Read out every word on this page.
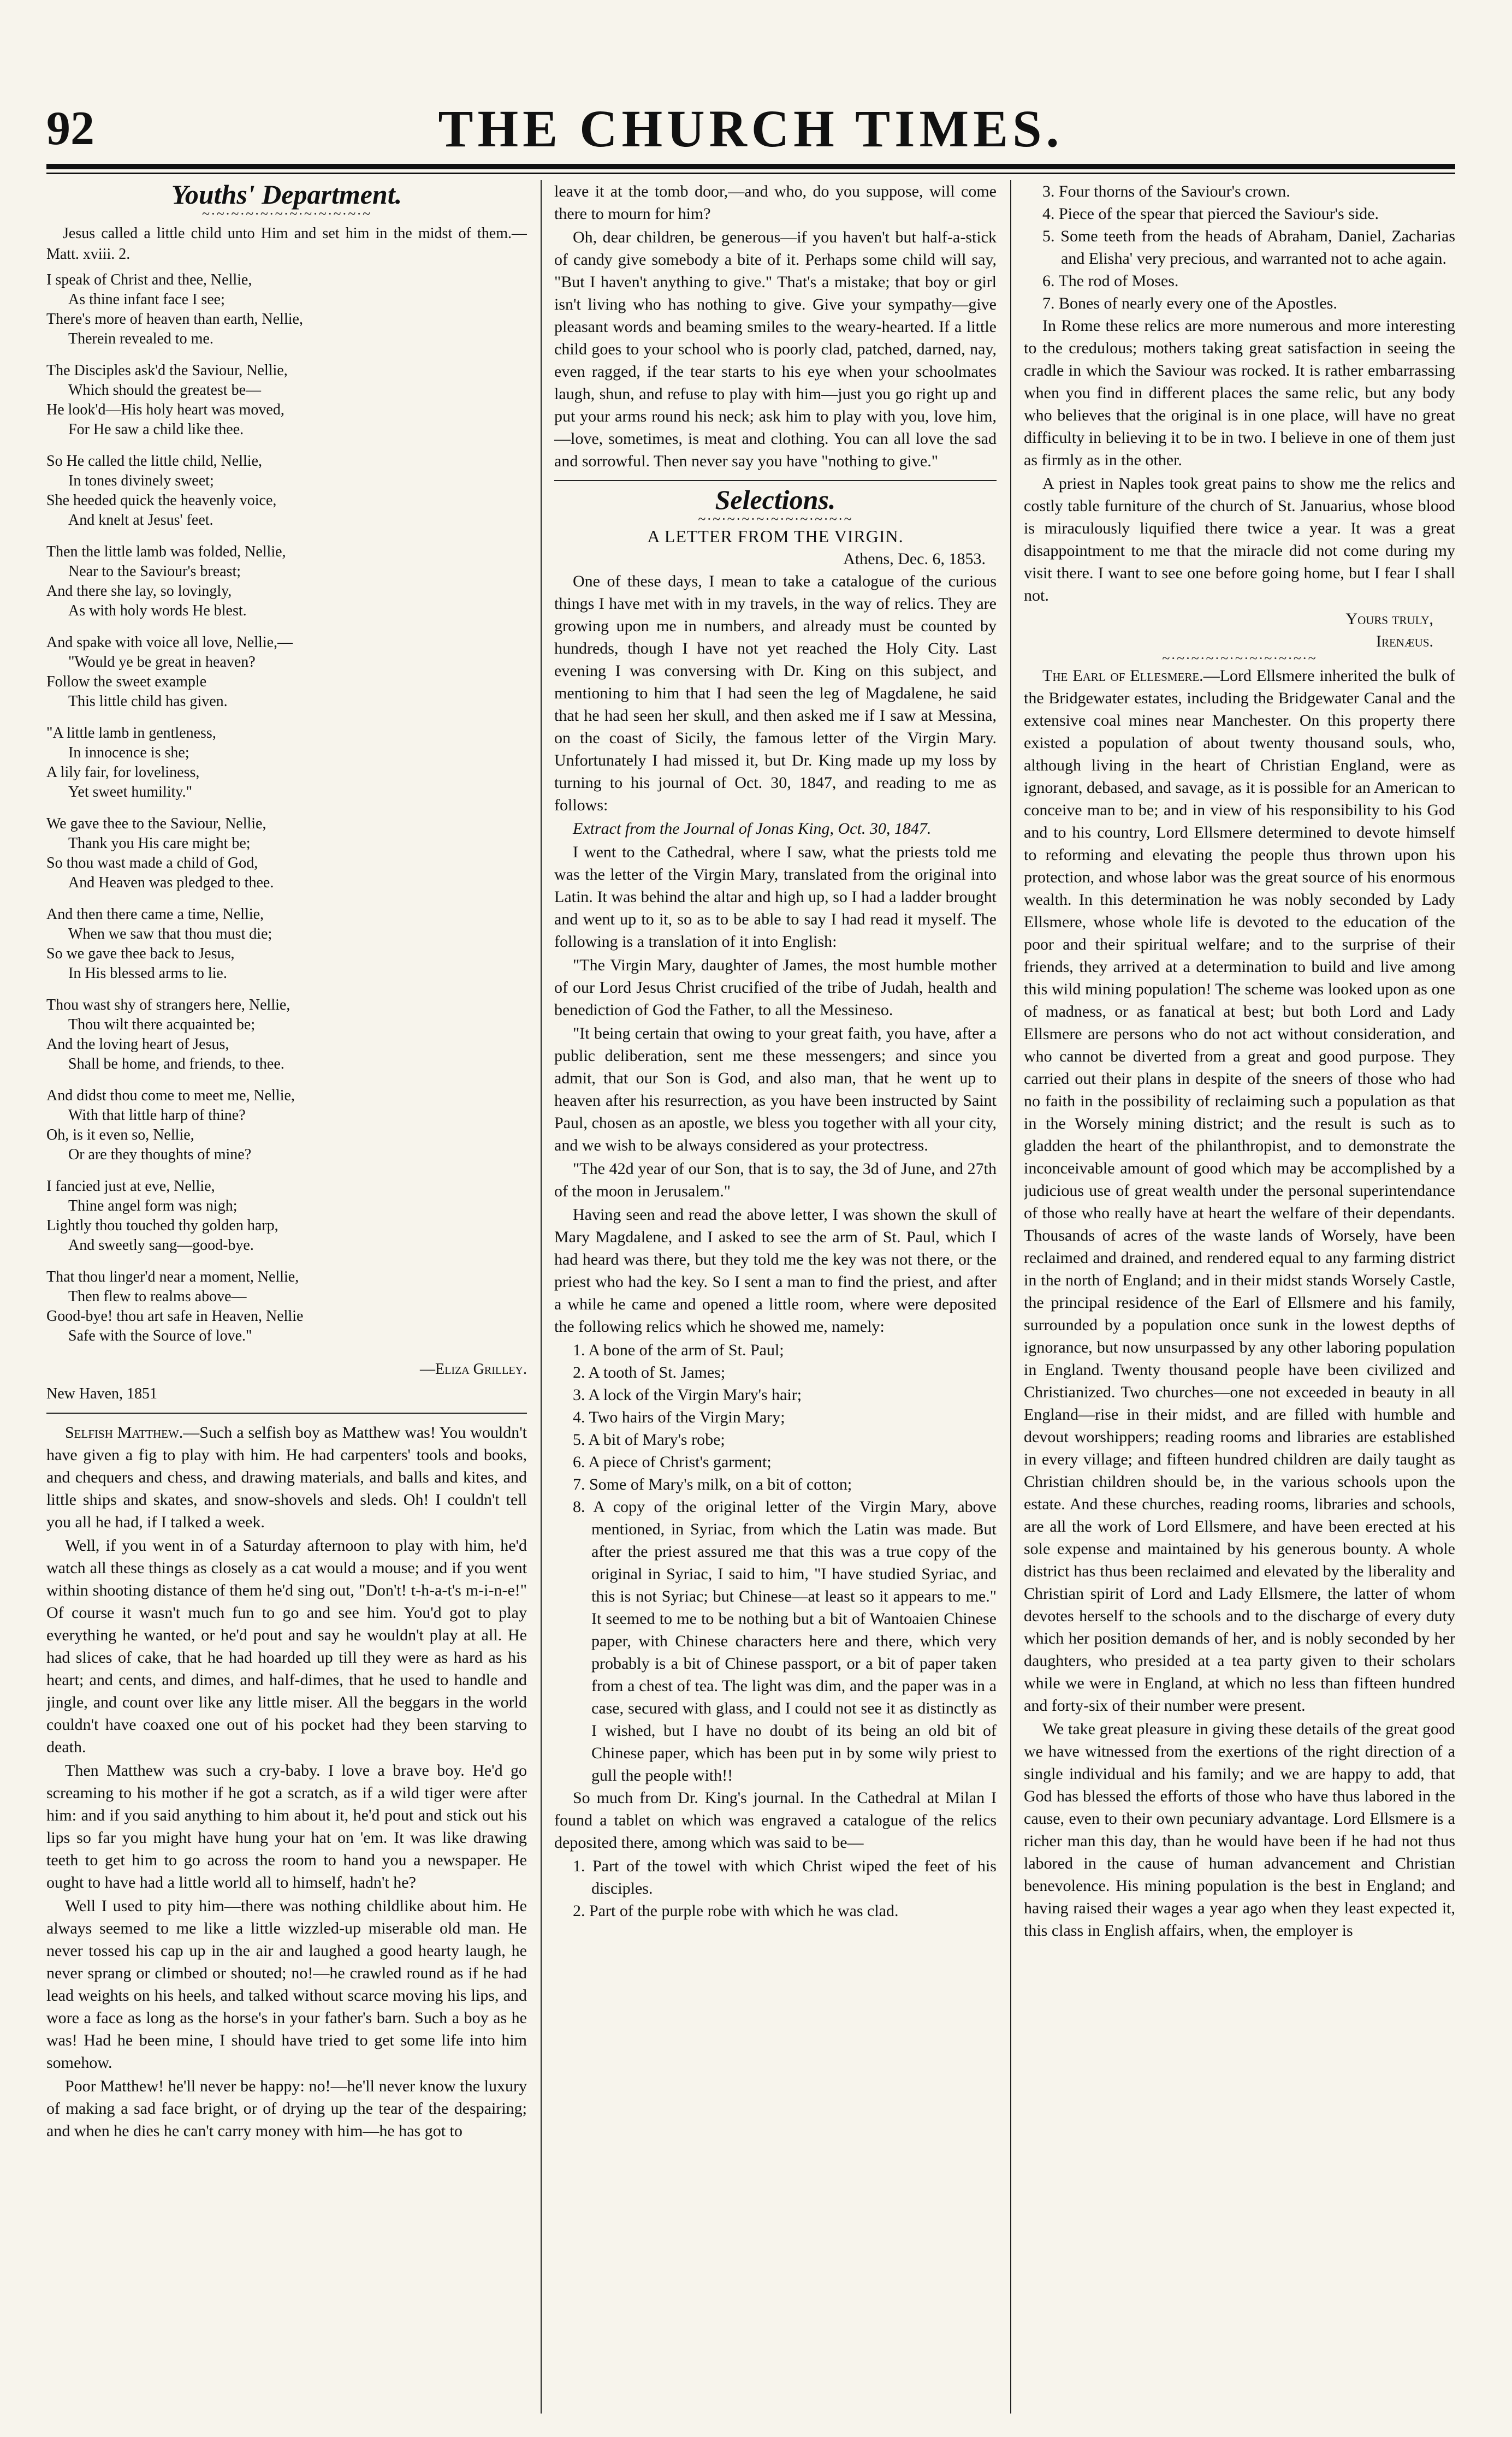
92	THE CHURCH TIMES.
Youths' Department.
~·~·~·~·~·~·~·~·~·~·~·~
Jesus called a little child unto Him and set him in the midst of them.—Matt. xviii. 2.
I speak of Christ and thee, Nellie,
As thine infant face I see;
There's more of heaven than earth, Nellie,
Therein revealed to me.
The Disciples ask'd the Saviour, Nellie,
Which should the greatest be—
He look'd—His holy heart was moved,
For He saw a child like thee.
So He called the little child, Nellie,
In tones divinely sweet;
She heeded quick the heavenly voice,
And knelt at Jesus' feet.
Then the little lamb was folded, Nellie,
Near to the Saviour's breast;
And there she lay, so lovingly,
As with holy words He blest.
And spake with voice all love, Nellie,—
"Would ye be great in heaven?
Follow the sweet example
This little child has given.
"A little lamb in gentleness,
In innocence is she;
A lily fair, for loveliness,
Yet sweet humility."
We gave thee to the Saviour, Nellie,
Thank you His care might be;
So thou wast made a child of God,
And Heaven was pledged to thee.
And then there came a time, Nellie,
When we saw that thou must die;
So we gave thee back to Jesus,
In His blessed arms to lie.
Thou wast shy of strangers here, Nellie,
Thou wilt there acquainted be;
And the loving heart of Jesus,
Shall be home, and friends, to thee.
And didst thou come to meet me, Nellie,
With that little harp of thine?
Oh, is it even so, Nellie,
Or are they thoughts of mine?
I fancied just at eve, Nellie,
Thine angel form was nigh;
Lightly thou touched thy golden harp,
And sweetly sang—good-bye.
That thou linger'd near a moment, Nellie,
Then flew to realms above—
Good-bye! thou art safe in Heaven, Nellie
Safe with the Source of love."
—Eliza Grilley.
New Haven, 1851

Selfish Matthew.—Such a selfish boy as Matthew was! You wouldn't have given a fig to play with him. He had carpenters' tools and books, and chequers and chess, and drawing materials, and balls and kites, and little ships and skates, and snow-shovels and sleds. Oh! I couldn't tell you all he had, if I talked a week.

Well, if you went in of a Saturday afternoon to play with him, he'd watch all these things as closely as a cat would a mouse; and if you went within shooting distance of them he'd sing out, "Don't! t-h-a-t's m-i-n-e!" Of course it wasn't much fun to go and see him. You'd got to play everything he wanted, or he'd pout and say he wouldn't play at all. He had slices of cake, that he had hoarded up till they were as hard as his heart; and cents, and dimes, and half-dimes, that he used to handle and jingle, and count over like any little miser. All the beggars in the world couldn't have coaxed one out of his pocket had they been starving to death.

Then Matthew was such a cry-baby. I love a brave boy. He'd go screaming to his mother if he got a scratch, as if a wild tiger were after him: and if you said anything to him about it, he'd pout and stick out his lips so far you might have hung your hat on 'em. It was like drawing teeth to get him to go across the room to hand you a newspaper. He ought to have had a little world all to himself, hadn't he?

Well I used to pity him—there was nothing childlike about him. He always seemed to me like a little wizzled-up miserable old man. He never tossed his cap up in the air and laughed a good hearty laugh, he never sprang or climbed or shouted; no!—he crawled round as if he had lead weights on his heels, and talked without scarce moving his lips, and wore a face as long as the horse's in your father's barn. Such a boy as he was! Had he been mine, I should have tried to get some life into him somehow.

Poor Matthew! he'll never be happy: no!—he'll never know the luxury of making a sad face bright, or of drying up the tear of the despairing; and when he dies he can't carry money with him—he has got to

leave it at the tomb door,—and who, do you suppose, will come there to mourn for him?

Oh, dear children, be generous—if you haven't but half-a-stick of candy give somebody a bite of it. Perhaps some child will say, "But I haven't anything to give." That's a mistake; that boy or girl isn't living who has nothing to give. Give your sympathy—give pleasant words and beaming smiles to the weary-hearted. If a little child goes to your school who is poorly clad, patched, darned, nay, even ragged, if the tear starts to his eye when your schoolmates laugh, shun, and refuse to play with him—just you go right up and put your arms round his neck; ask him to play with you, love him,—love, sometimes, is meat and clothing. You can all love the sad and sorrowful. Then never say you have "nothing to give."

Selections.
~·~·~·~·~·~·~·~·~·~·~
A LETTER FROM THE VIRGIN.
Athens, Dec. 6, 1853.

One of these days, I mean to take a catalogue of the curious things I have met with in my travels, in the way of relics. They are growing upon me in numbers, and already must be counted by hundreds, though I have not yet reached the Holy City. Last evening I was conversing with Dr. King on this subject, and mentioning to him that I had seen the leg of Magdalene, he said that he had seen her skull, and then asked me if I saw at Messina, on the coast of Sicily, the famous letter of the Virgin Mary. Unfortunately I had missed it, but Dr. King made up my loss by turning to his journal of Oct. 30, 1847, and reading to me as follows:

Extract from the Journal of Jonas King, Oct. 30, 1847.

I went to the Cathedral, where I saw, what the priests told me was the letter of the Virgin Mary, translated from the original into Latin. It was behind the altar and high up, so I had a ladder brought and went up to it, so as to be able to say I had read it myself. The following is a translation of it into English:

"The Virgin Mary, daughter of James, the most humble mother of our Lord Jesus Christ crucified of the tribe of Judah, health and benediction of God the Father, to all the Messineso.

"It being certain that owing to your great faith, you have, after a public deliberation, sent me these messengers; and since you admit, that our Son is God, and also man, that he went up to heaven after his resurrection, as you have been instructed by Saint Paul, chosen as an apostle, we bless you together with all your city, and we wish to be always considered as your protectress.

"The 42d year of our Son, that is to say, the 3d of June, and 27th of the moon in Jerusalem."

Having seen and read the above letter, I was shown the skull of Mary Magdalene, and I asked to see the arm of St. Paul, which I had heard was there, but they told me the key was not there, or the priest who had the key. So I sent a man to find the priest, and after a while he came and opened a little room, where were deposited the following relics which he showed me, namely:

1. A bone of the arm of St. Paul;
2. A tooth of St. James;
3. A lock of the Virgin Mary's hair;
4. Two hairs of the Virgin Mary;
5. A bit of Mary's robe;
6. A piece of Christ's garment;
7. Some of Mary's milk, on a bit of cotton;
8. A copy of the original letter of the Virgin Mary, above mentioned, in Syriac, from which the Latin was made. But after the priest assured me that this was a true copy of the original in Syriac, I said to him, "I have studied Syriac, and this is not Syriac; but Chinese—at least so it appears to me." It seemed to me to be nothing but a bit of Wantoaien Chinese paper, with Chinese characters here and there, which very probably is a bit of Chinese passport, or a bit of paper taken from a chest of tea. The light was dim, and the paper was in a case, secured with glass, and I could not see it as distinctly as I wished, but I have no doubt of its being an old bit of Chinese paper, which has been put in by some wily priest to gull the people with!!
So much from Dr. King's journal. In the Cathedral at Milan I found a tablet on which was engraved a catalogue of the relics deposited there, among which was said to be—
1. Part of the towel with which Christ wiped the feet of his disciples.
2. Part of the purple robe with which he was clad.
3. Four thorns of the Saviour's crown.
4. Piece of the spear that pierced the Saviour's side.
5. Some teeth from the heads of Abraham, Daniel, Zacharias and Elisha' very precious, and warranted not to ache again.
6. The rod of Moses.
7. Bones of nearly every one of the Apostles.

In Rome these relics are more numerous and more interesting to the credulous; mothers taking great satisfaction in seeing the cradle in which the Saviour was rocked. It is rather embarrassing when you find in different places the same relic, but any body who believes that the original is in one place, will have no great difficulty in believing it to be in two. I believe in one of them just as firmly as in the other.

A priest in Naples took great pains to show me the relics and costly table furniture of the church of St. Januarius, whose blood is miraculously liquified there twice a year. It was a great disappointment to me that the miracle did not come during my visit there. I want to see one before going home, but I fear I shall not.

Yours truly,
Irenæus.
~·~·~·~·~·~·~·~·~·~·~

The Earl of Ellesmere.—Lord Ellsmere inherited the bulk of the Bridgewater estates, including the Bridgewater Canal and the extensive coal mines near Manchester. On this property there existed a population of about twenty thousand souls, who, although living in the heart of Christian England, were as ignorant, debased, and savage, as it is possible for an American to conceive man to be; and in view of his responsibility to his God and to his country, Lord Ellsmere determined to devote himself to reforming and elevating the people thus thrown upon his protection, and whose labor was the great source of his enormous wealth. In this determination he was nobly seconded by Lady Ellsmere, whose whole life is devoted to the education of the poor and their spiritual welfare; and to the surprise of their friends, they arrived at a determination to build and live among this wild mining population! The scheme was looked upon as one of madness, or as fanatical at best; but both Lord and Lady Ellsmere are persons who do not act without consideration, and who cannot be diverted from a great and good purpose. They carried out their plans in despite of the sneers of those who had no faith in the possibility of reclaiming such a population as that in the Worsely mining district; and the result is such as to gladden the heart of the philanthropist, and to demonstrate the inconceivable amount of good which may be accomplished by a judicious use of great wealth under the personal superintendance of those who really have at heart the welfare of their dependants. Thousands of acres of the waste lands of Worsely, have been reclaimed and drained, and rendered equal to any farming district in the north of England; and in their midst stands Worsely Castle, the principal residence of the Earl of Ellsmere and his family, surrounded by a population once sunk in the lowest depths of ignorance, but now unsurpassed by any other laboring population in England. Twenty thousand people have been civilized and Christianized. Two churches—one not exceeded in beauty in all England—rise in their midst, and are filled with humble and devout worshippers; reading rooms and libraries are established in every village; and fifteen hundred children are daily taught as Christian children should be, in the various schools upon the estate. And these churches, reading rooms, libraries and schools, are all the work of Lord Ellsmere, and have been erected at his sole expense and maintained by his generous bounty. A whole district has thus been reclaimed and elevated by the liberality and Christian spirit of Lord and Lady Ellsmere, the latter of whom devotes herself to the schools and to the discharge of every duty which her position demands of her, and is nobly seconded by her daughters, who presided at a tea party given to their scholars while we were in England, at which no less than fifteen hundred and forty-six of their number were present.

We take great pleasure in giving these details of the great good we have witnessed from the exertions of the right direction of a single individual and his family; and we are happy to add, that God has blessed the efforts of those who have thus labored in the cause, even to their own pecuniary advantage. Lord Ellsmere is a richer man this day, than he would have been if he had not thus labored in the cause of human advancement and Christian benevolence. His mining population is the best in England; and having raised their wages a year ago when they least expected it, this class in English affairs, when, the employer is
